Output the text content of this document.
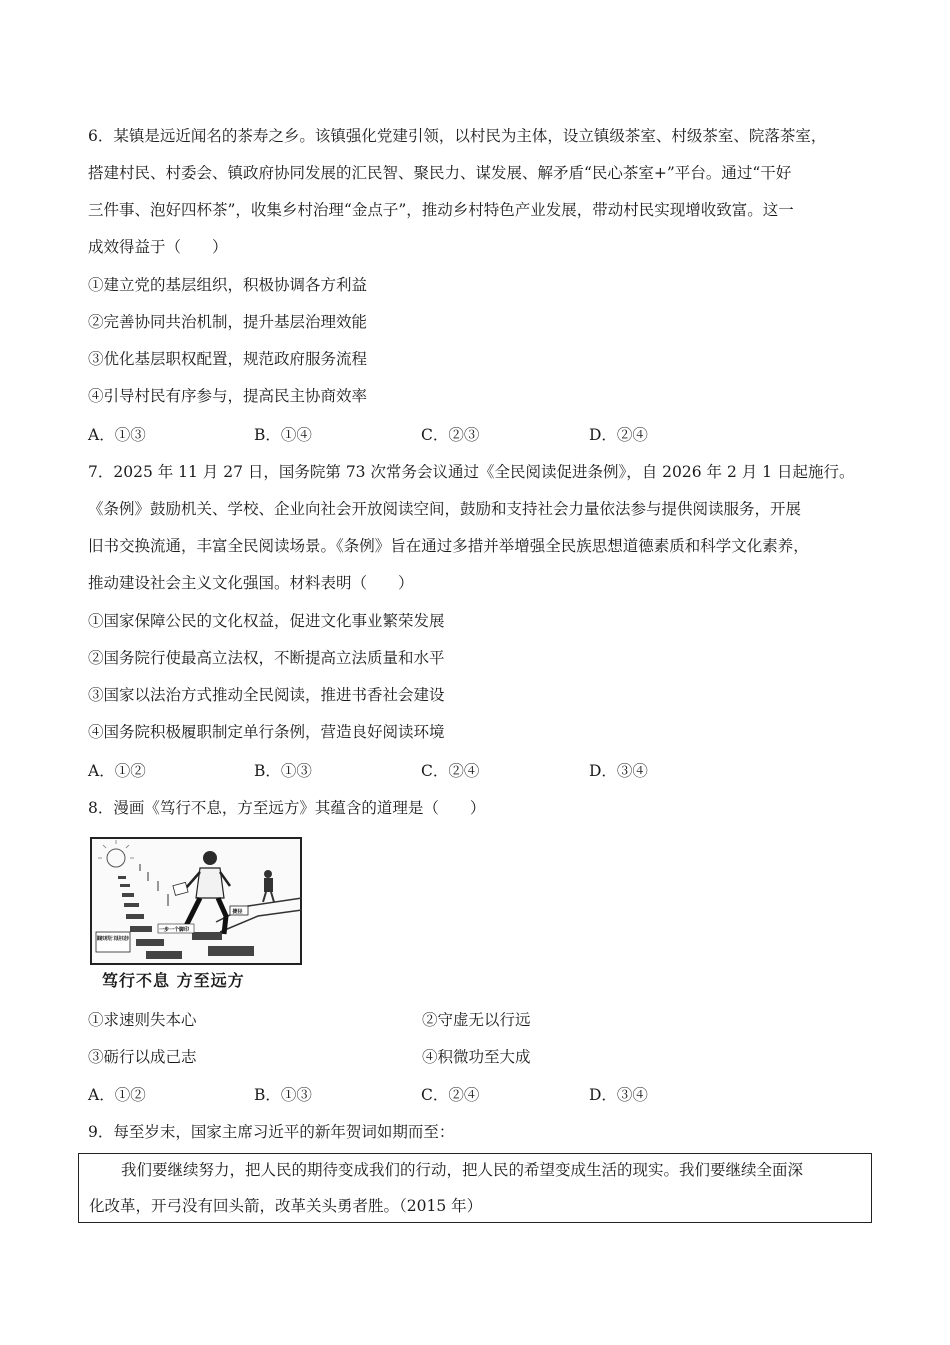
6．某镇是远近闻名的茶寿之乡。该镇强化党建引领，以村民为主体，设立镇级茶室、村级茶室、院落茶室，
搭建村民、村委会、镇政府协同发展的汇民智、聚民力、谋发展、解矛盾“民心茶室+”平台。通过“干好
三件事、泡好四杯茶”，收集乡村治理“金点子”，推动乡村特色产业发展，带动村民实现增收致富。这一
成效得益于（　　）
①建立党的基层组织，积极协调各方利益
②完善协同共治机制，提升基层治理效能
③优化基层职权配置，规范政府服务流程
④引导村民有序参与，提高民主协商效率
A．①③	B．①④	C．②③	D．②④
7．2025 年 11 月 27 日，国务院第 73 次常务会议通过《全民阅读促进条例》，自 2026 年 2 月 1 日起施行。
《条例》鼓励机关、学校、企业向社会开放阅读空间，鼓励和支持社会力量依法参与提供阅读服务，开展
旧书交换流通，丰富全民阅读场景。《条例》旨在通过多措并举增强全民族思想道德素质和科学文化素养，
推动建设社会主义文化强国。材料表明（　　）
①国家保障公民的文化权益，促进文化事业繁荣发展
②国务院行使最高立法权，不断提高立法质量和水平
③国家以法治方式推动全民阅读，推进书香社会建设
④国务院积极履职制定单行条例，营造良好阅读环境
A．①②	B．①③	C．②④	D．③④
8．漫画《笃行不息，方至远方》其蕴含的道理是（　　）
捷径
一步一个脚印
脚踏实地笃行 求真务实进步
笃行不息 方至远方
①求速则失本心	②守虚无以行远
③砺行以成己志	④积微功至大成
A．①②	B．①③	C．②④	D．③④
9．每至岁末，国家主席习近平的新年贺词如期而至：
我们要继续努力，把人民的期待变成我们的行动，把人民的希望变成生活的现实。我们要继续全面深
化改革，开弓没有回头箭，改革关头勇者胜。（2015 年）
